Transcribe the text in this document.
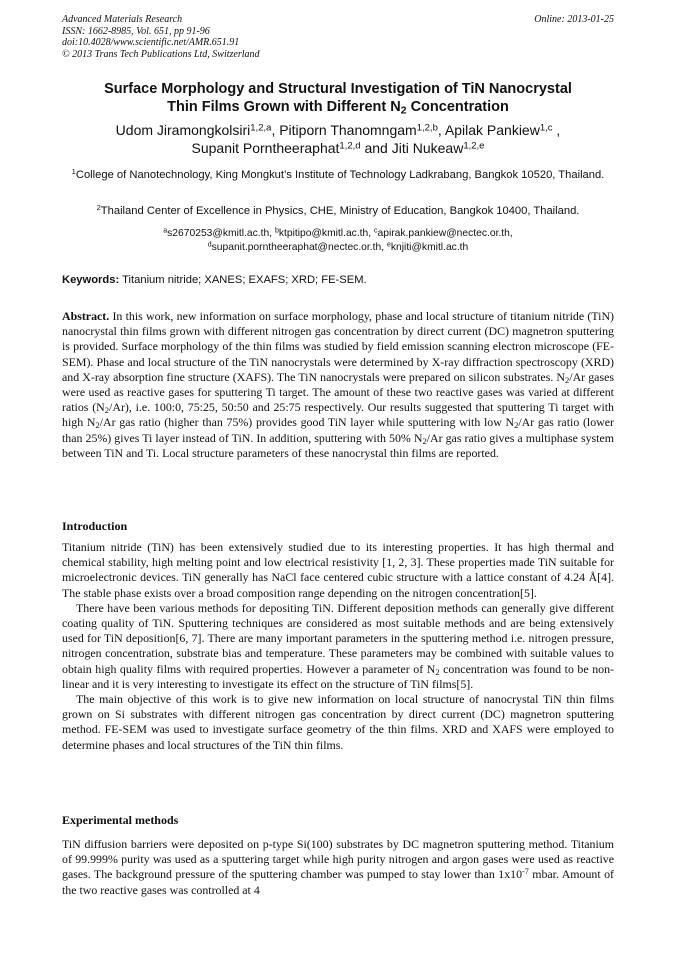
Advanced Materials Research
ISSN: 1662-8985, Vol. 651, pp 91-96
doi:10.4028/www.scientific.net/AMR.651.91
© 2013 Trans Tech Publications Ltd, Switzerland
Online: 2013-01-25
Surface Morphology and Structural Investigation of TiN Nanocrystal
Thin Films Grown with Different $N_2$ Concentration
Udom Jiramongkolsiri$^{1,2,a}$, Pitiporn Thanomngam$^{1,2,b}$, Apilak Pankiew$^{1,c}$ ,
Supanit Porntheeraphat$^{1,2,d}$ and Jiti Nukeaw$^{1,2,e}$
$^1$College of Nanotechnology, King Mongkut’s Institute of Technology Ladkrabang, Bangkok 10520, Thailand.
$^2$Thailand Center of Excellence in Physics, CHE, Ministry of Education, Bangkok 10400, Thailand.
$^a$s2670253@kmitl.ac.th, $^b$ktpitipo@kmitl.ac.th, $^c$apirak.pankiew@nectec.or.th,
$^d$supanit.porntheeraphat@nectec.or.th, $^e$knjiti@kmitl.ac.th
Keywords: Titanium nitride; XANES; EXAFS; XRD; FE-SEM.

Abstract. In this work, new information on surface morphology, phase and local structure of titanium nitride (TiN) nanocrystal thin films grown with different nitrogen gas concentration by direct current (DC) magnetron sputtering is provided. Surface morphology of the thin films was studied by field emission scanning electron microscope (FE-SEM). Phase and local structure of the TiN nanocrystals were determined by X-ray diffraction spectroscopy (XRD) and X-ray absorption fine structure (XAFS). The TiN nanocrystals were prepared on silicon substrates. $N_2/Ar$ gases were used as reactive gases for sputtering Ti target. The amount of these two reactive gases was varied at different ratios $(N_2/Ar)$, i.e. 100:0, 75:25, 50:50 and 25:75 respectively. Our results suggested that sputtering Ti target with high $N_2/Ar$ gas ratio (higher than 75%) provides good TiN layer while sputtering with low $N_2/Ar$ gas ratio (lower than 25%) gives Ti layer instead of TiN. In addition, sputtering with 50% $N_2/Ar$ gas ratio gives a multiphase system between TiN and Ti. Local structure parameters of these nanocrystal thin films are reported.

Introduction

Titanium nitride (TiN) has been extensively studied due to its interesting properties. It has high thermal and chemical stability, high melting point and low electrical resistivity [1, 2, 3]. These properties made TiN suitable for microelectronic devices. TiN generally has NaCl face centered cubic structure with a lattice constant of 4.24 Å[4]. The stable phase exists over a broad composition range depending on the nitrogen concentration[5].

There have been various methods for depositing TiN. Different deposition methods can generally give different coating quality of TiN. Sputtering techniques are considered as most suitable methods and are being extensively used for TiN deposition[6, 7]. There are many important parameters in the sputtering method i.e. nitrogen pressure, nitrogen concentration, substrate bias and temperature. These parameters may be combined with suitable values to obtain high quality films with required properties. However a parameter of $N_2$ concentration was found to be non-linear and it is very interesting to investigate its effect on the structure of TiN films[5].

The main objective of this work is to give new information on local structure of nanocrystal TiN thin films grown on Si substrates with different nitrogen gas concentration by direct current (DC) magnetron sputtering method. FE-SEM was used to investigate surface geometry of the thin films. XRD and XAFS were employed to determine phases and local structures of the TiN thin films.

Experimental methods

TiN diffusion barriers were deposited on p-type Si(100) substrates by DC magnetron sputtering method. Titanium of 99.999% purity was used as a sputtering target while high purity nitrogen and argon gases were used as reactive gases. The background pressure of the sputtering chamber was pumped to stay lower than $1x10^{-7}$ mbar. Amount of the two reactive gases was controlled at 4
